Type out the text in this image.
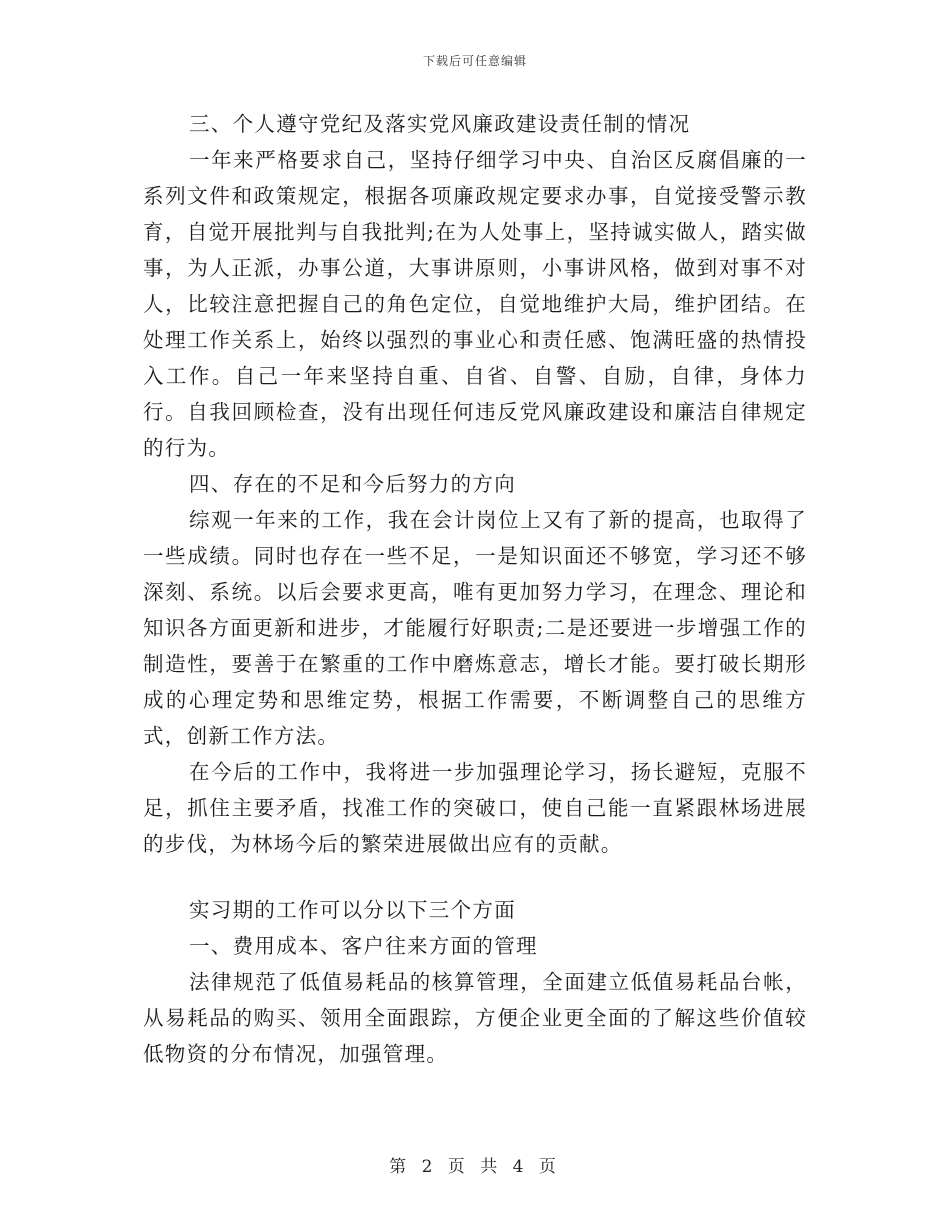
下载后可任意编辑

三、个人遵守党纪及落实党风廉政建设责任制的情况

一年来严格要求自己，坚持仔细学习中央、自治区反腐倡廉的一系列文件和政策规定，根据各项廉政规定要求办事，自觉接受警示教育，自觉开展批判与自我批判;在为人处事上，坚持诚实做人，踏实做事，为人正派，办事公道，大事讲原则，小事讲风格，做到对事不对人，比较注意把握自己的角色定位，自觉地维护大局，维护团结。在处理工作关系上，始终以强烈的事业心和责任感、饱满旺盛的热情投入工作。自己一年来坚持自重、自省、自警、自励，自律，身体力行。自我回顾检查，没有出现任何违反党风廉政建设和廉洁自律规定的行为。

四、存在的不足和今后努力的方向

综观一年来的工作，我在会计岗位上又有了新的提高，也取得了一些成绩。同时也存在一些不足，一是知识面还不够宽，学习还不够深刻、系统。以后会要求更高，唯有更加努力学习，在理念、理论和知识各方面更新和进步，才能履行好职责;二是还要进一步增强工作的制造性，要善于在繁重的工作中磨炼意志，增长才能。要打破长期形成的心理定势和思维定势，根据工作需要，不断调整自己的思维方式，创新工作方法。

在今后的工作中，我将进一步加强理论学习，扬长避短，克服不足，抓住主要矛盾，找准工作的突破口，使自己能一直紧跟林场进展的步伐，为林场今后的繁荣进展做出应有的贡献。

实习期的工作可以分以下三个方面

一、费用成本、客户往来方面的管理

法律规范了低值易耗品的核算管理，全面建立低值易耗品台帐，从易耗品的购买、领用全面跟踪，方便企业更全面的了解这些价值较低物资的分布情况，加强管理。

第 2 页 共 4 页
